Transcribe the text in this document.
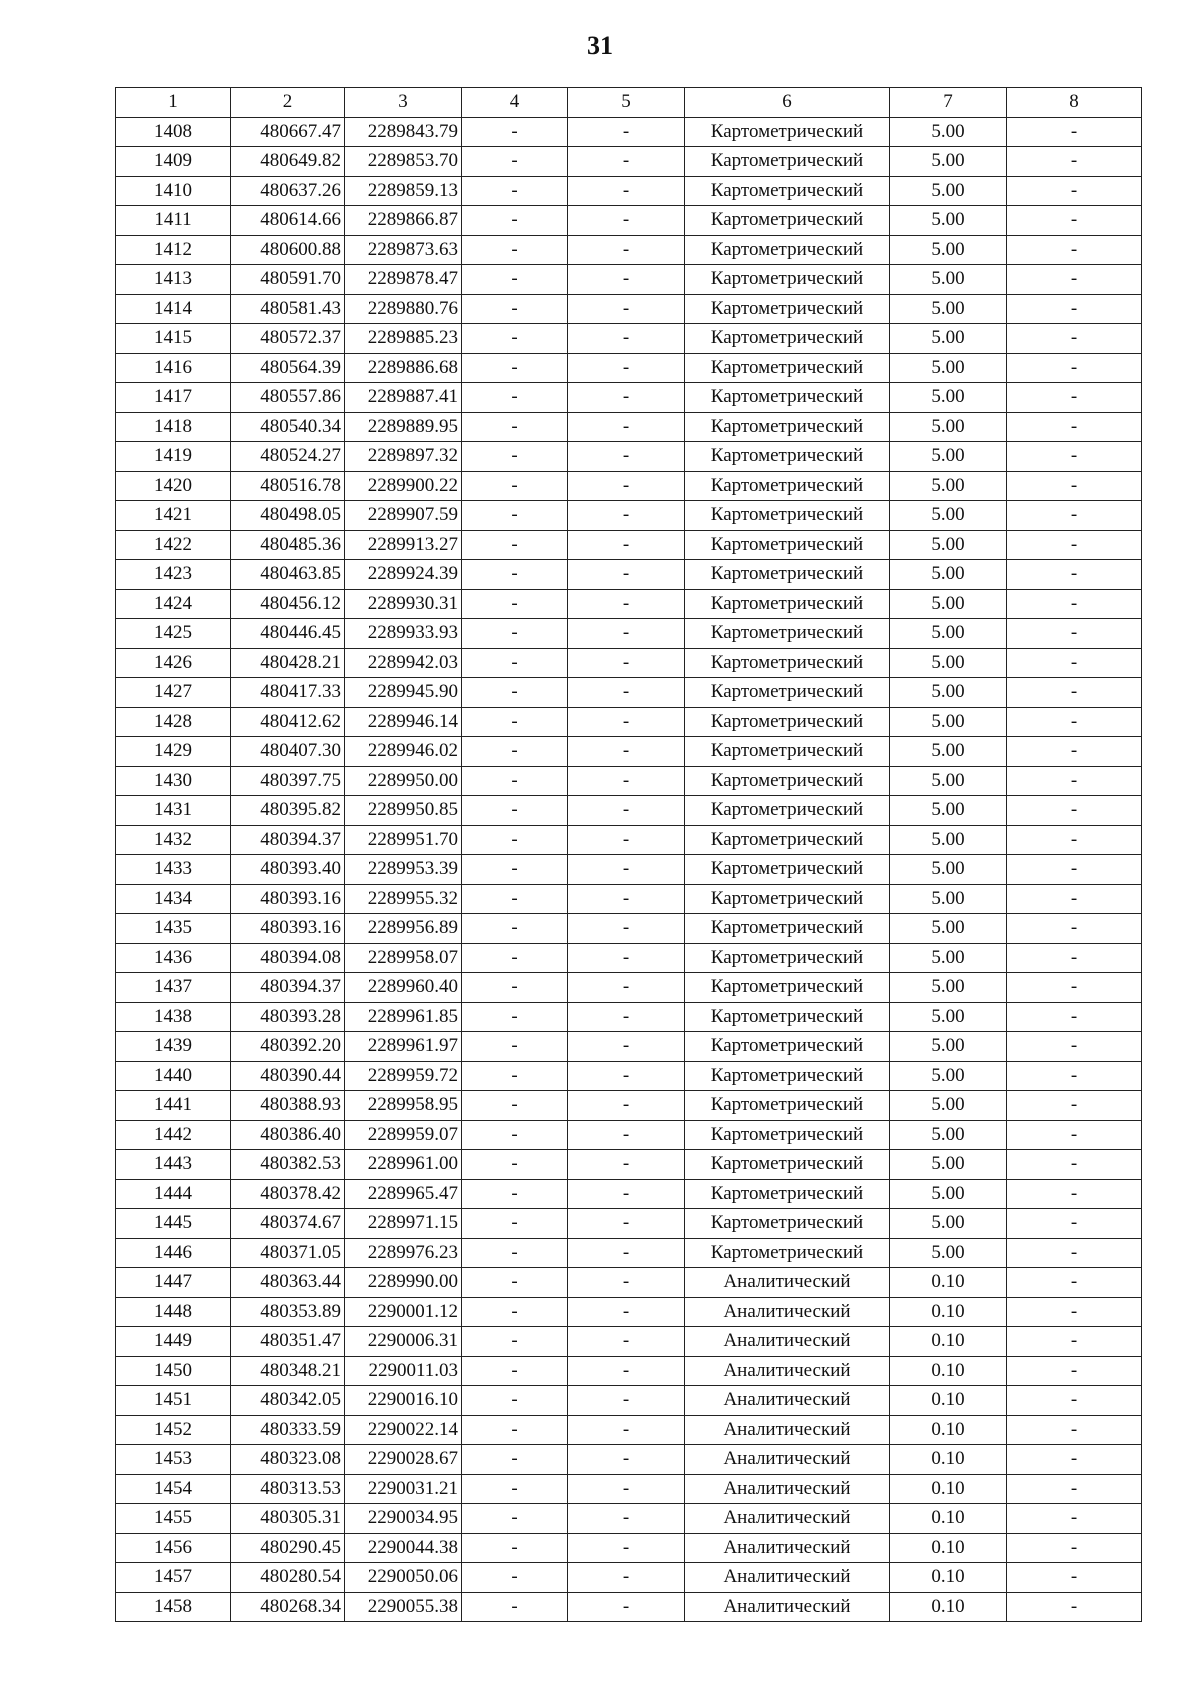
31
1	2	3	4	5	6	7	8
1408	480667.47	2289843.79	-	-	Картометрический	5.00	-
1409	480649.82	2289853.70	-	-	Картометрический	5.00	-
1410	480637.26	2289859.13	-	-	Картометрический	5.00	-
1411	480614.66	2289866.87	-	-	Картометрический	5.00	-
1412	480600.88	2289873.63	-	-	Картометрический	5.00	-
1413	480591.70	2289878.47	-	-	Картометрический	5.00	-
1414	480581.43	2289880.76	-	-	Картометрический	5.00	-
1415	480572.37	2289885.23	-	-	Картометрический	5.00	-
1416	480564.39	2289886.68	-	-	Картометрический	5.00	-
1417	480557.86	2289887.41	-	-	Картометрический	5.00	-
1418	480540.34	2289889.95	-	-	Картометрический	5.00	-
1419	480524.27	2289897.32	-	-	Картометрический	5.00	-
1420	480516.78	2289900.22	-	-	Картометрический	5.00	-
1421	480498.05	2289907.59	-	-	Картометрический	5.00	-
1422	480485.36	2289913.27	-	-	Картометрический	5.00	-
1423	480463.85	2289924.39	-	-	Картометрический	5.00	-
1424	480456.12	2289930.31	-	-	Картометрический	5.00	-
1425	480446.45	2289933.93	-	-	Картометрический	5.00	-
1426	480428.21	2289942.03	-	-	Картометрический	5.00	-
1427	480417.33	2289945.90	-	-	Картометрический	5.00	-
1428	480412.62	2289946.14	-	-	Картометрический	5.00	-
1429	480407.30	2289946.02	-	-	Картометрический	5.00	-
1430	480397.75	2289950.00	-	-	Картометрический	5.00	-
1431	480395.82	2289950.85	-	-	Картометрический	5.00	-
1432	480394.37	2289951.70	-	-	Картометрический	5.00	-
1433	480393.40	2289953.39	-	-	Картометрический	5.00	-
1434	480393.16	2289955.32	-	-	Картометрический	5.00	-
1435	480393.16	2289956.89	-	-	Картометрический	5.00	-
1436	480394.08	2289958.07	-	-	Картометрический	5.00	-
1437	480394.37	2289960.40	-	-	Картометрический	5.00	-
1438	480393.28	2289961.85	-	-	Картометрический	5.00	-
1439	480392.20	2289961.97	-	-	Картометрический	5.00	-
1440	480390.44	2289959.72	-	-	Картометрический	5.00	-
1441	480388.93	2289958.95	-	-	Картометрический	5.00	-
1442	480386.40	2289959.07	-	-	Картометрический	5.00	-
1443	480382.53	2289961.00	-	-	Картометрический	5.00	-
1444	480378.42	2289965.47	-	-	Картометрический	5.00	-
1445	480374.67	2289971.15	-	-	Картометрический	5.00	-
1446	480371.05	2289976.23	-	-	Картометрический	5.00	-
1447	480363.44	2289990.00	-	-	Аналитический	0.10	-
1448	480353.89	2290001.12	-	-	Аналитический	0.10	-
1449	480351.47	2290006.31	-	-	Аналитический	0.10	-
1450	480348.21	2290011.03	-	-	Аналитический	0.10	-
1451	480342.05	2290016.10	-	-	Аналитический	0.10	-
1452	480333.59	2290022.14	-	-	Аналитический	0.10	-
1453	480323.08	2290028.67	-	-	Аналитический	0.10	-
1454	480313.53	2290031.21	-	-	Аналитический	0.10	-
1455	480305.31	2290034.95	-	-	Аналитический	0.10	-
1456	480290.45	2290044.38	-	-	Аналитический	0.10	-
1457	480280.54	2290050.06	-	-	Аналитический	0.10	-
1458	480268.34	2290055.38	-	-	Аналитический	0.10	-
